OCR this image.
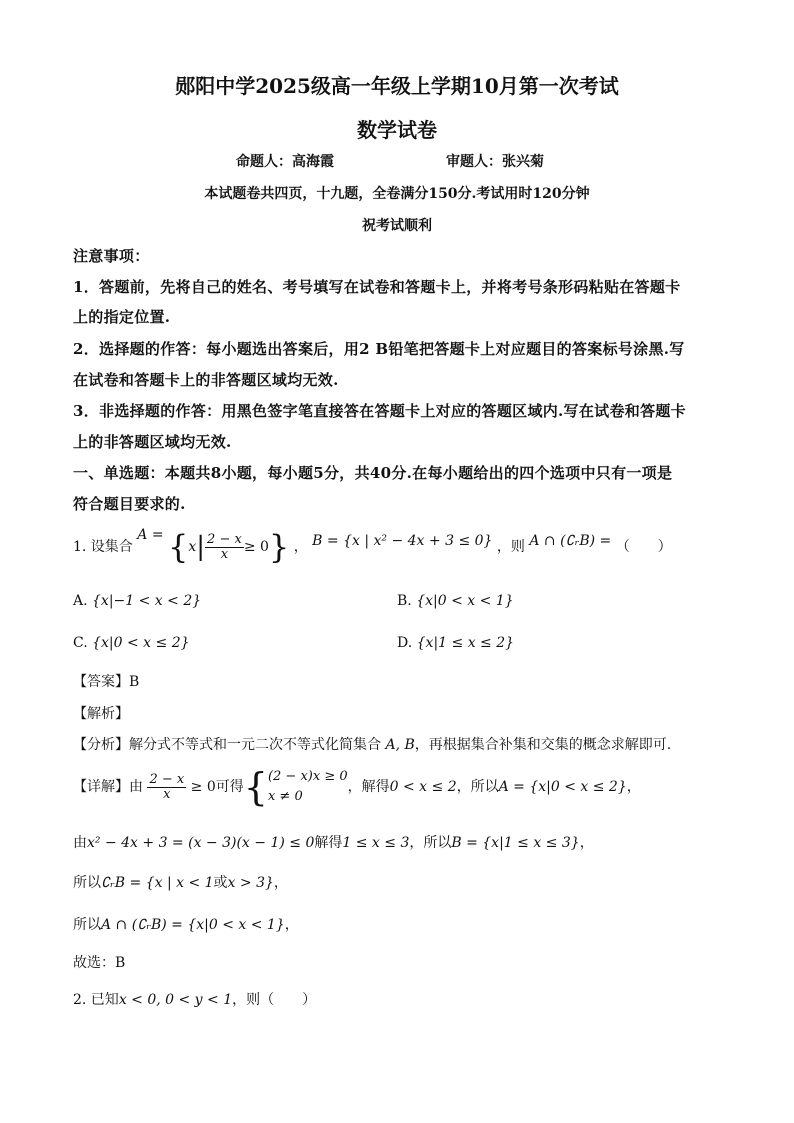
郧阳中学2025级高一年级上学期10月第一次考试
数学试卷
命题人：高海霞	审题人：张兴菊
本试题卷共四页，十九题，全卷满分150分.考试用时120分钟
祝考试顺利
注意事项：
1．答题前，先将自己的姓名、考号填写在试卷和答题卡上，并将考号条形码粘贴在答题卡
上的指定位置.
2．选择题的作答：每小题选出答案后，用2 B铅笔把答题卡上对应题目的答案标号涂黑.写
在试卷和答题卡上的非答题区域均无效.
3．非选择题的作答：用黑色签字笔直接答在答题卡上对应的答题区域内.写在试卷和答题卡
上的非答题区域均无效.
一、单选题：本题共8小题，每小题5分，共40分.在每小题给出的四个选项中只有一项是
符合题目要求的.
1. 设集合 $A = \{x| \frac{2 - x}{x} \ge 0\}$ ， B = {x | x² − 4x + 3 ≤ 0} ，则 A ∩ (∁ᵣB) = （　　）
A. {x|−1 < x < 2}	B. {x|0 < x < 1}
C. {x|0 < x ≤ 2}	D. {x|1 ≤ x ≤ 2}
【答案】B
【解析】
【分析】解分式不等式和一元二次不等式化简集合 A, B，再根据集合补集和交集的概念求解即可.
【详解】由 $\frac{2 - x}{x} \ge 0$可得{ (2 − x)x ≥ 0
x ≠ 0
，解得0 < x ≤ 2，所以A = {x|0 < x ≤ 2}，
由x² − 4x + 3 = (x − 3)(x − 1) ≤ 0解得1 ≤ x ≤ 3，所以B = {x|1 ≤ x ≤ 3}，
所以∁ᵣB = {x | x < 1或x > 3}，
所以A ∩ (∁ᵣB) = {x|0 < x < 1}，
故选：B
2. 已知x < 0, 0 < y < 1，则（　　）
